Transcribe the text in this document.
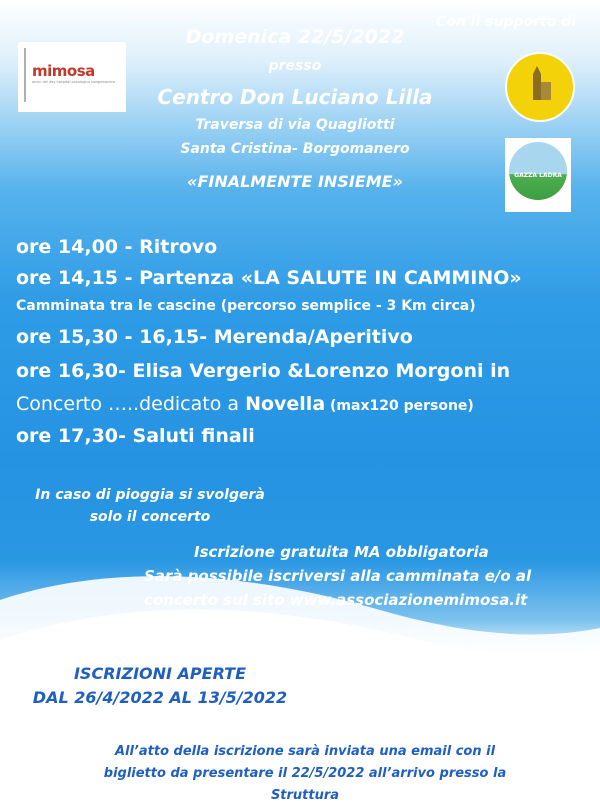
mimosa
amici del day hospital oncologico borgomanero
Con il supporto di
GAZZA LADRA
Domenica 22/5/2022
presso
Centro Don Luciano Lilla
Traversa di via Quagliotti
Santa Cristina- Borgomanero
«FINALMENTE INSIEME»
ore 14,00 - Ritrovo
ore 14,15 - Partenza «LA SALUTE IN CAMMINO»
Camminata tra le cascine (percorso semplice - 3 Km circa)
ore 15,30 - 16,15- Merenda/Aperitivo
ore 16,30- Elisa Vergerio &Lorenzo Morgoni in
Concerto …..dedicato a Novella (max120 persone)
ore 17,30- Saluti finali
In caso di pioggia si svolgerà
solo il concerto
Iscrizione gratuita MA obbligatoria
Sarà possibile iscriversi alla camminata e/o al
concerto sul sito www.associazionemimosa.it
ISCRIZIONI APERTE
DAL 26/4/2022 AL 13/5/2022
All’atto della iscrizione sarà inviata una email con il
biglietto da presentare il 22/5/2022 all’arrivo presso la Struttura
